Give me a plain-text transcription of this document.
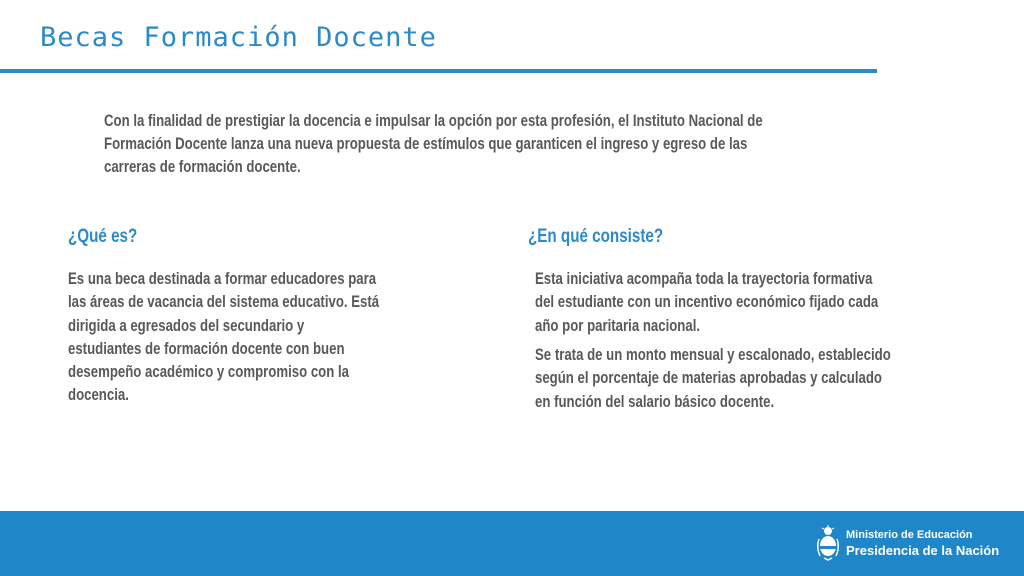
Becas Formación Docente

Con la finalidad de prestigiar la docencia e impulsar la opción por esta profesión, el Instituto Nacional de
Formación Docente lanza una nueva propuesta de estímulos que garanticen el ingreso y egreso de las
carreras de formación docente.

¿Qué es?	¿En qué consiste?

Es una beca destinada a formar educadores para
las áreas de vacancia del sistema educativo. Está
dirigida a egresados del secundario y
estudiantes de formación docente con buen
desempeño académico y compromiso con la
docencia.

Esta iniciativa acompaña toda la trayectoria formativa
del estudiante con un incentivo económico fijado cada
año por paritaria nacional.

Se trata de un monto mensual y escalonado, establecido
según el porcentaje de materias aprobadas y calculado
en función del salario básico docente.

Ministerio de Educación
Presidencia de la Nación
